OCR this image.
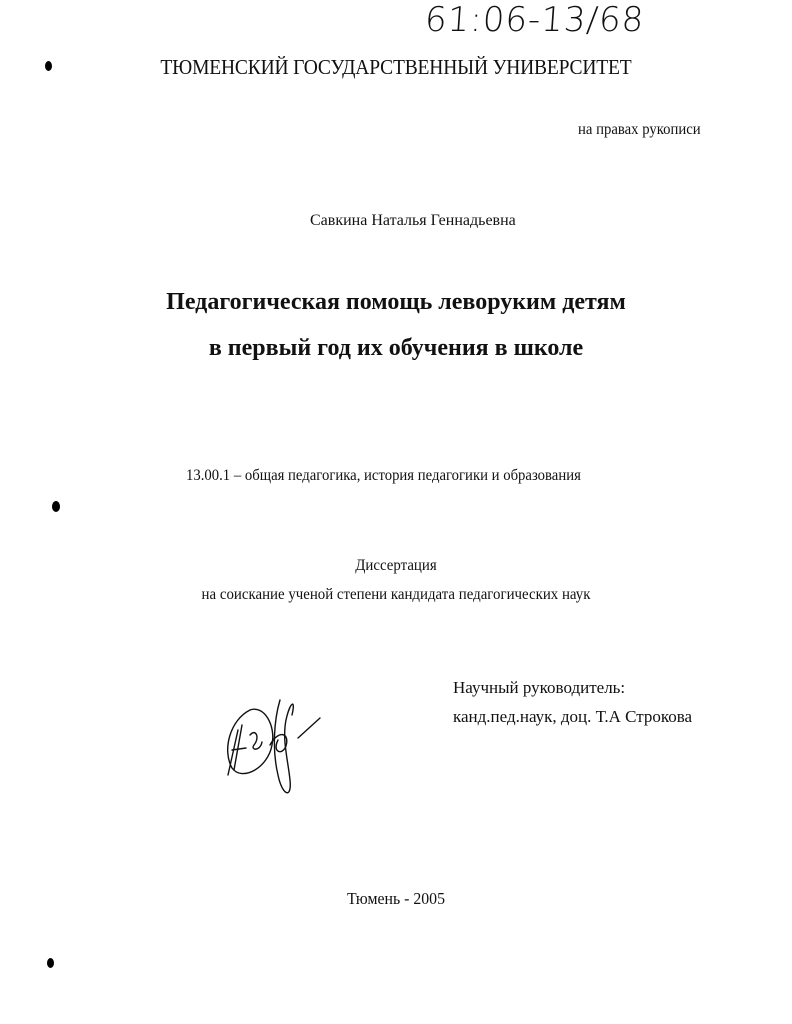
61:06-13/68
ТЮМЕНСКИЙ ГОСУДАРСТВЕННЫЙ УНИВЕРСИТЕТ
на правах рукописи
Савкина Наталья Геннадьевна
Педагогическая помощь леворуким детям
в первый год их обучения в школе
13.00.1 – общая педагогика, история педагогики и образования
Диссертация
на соискание ученой степени кандидата педагогических наук
Научный руководитель:
канд.пед.наук, доц. Т.А Строкова
Тюмень - 2005
